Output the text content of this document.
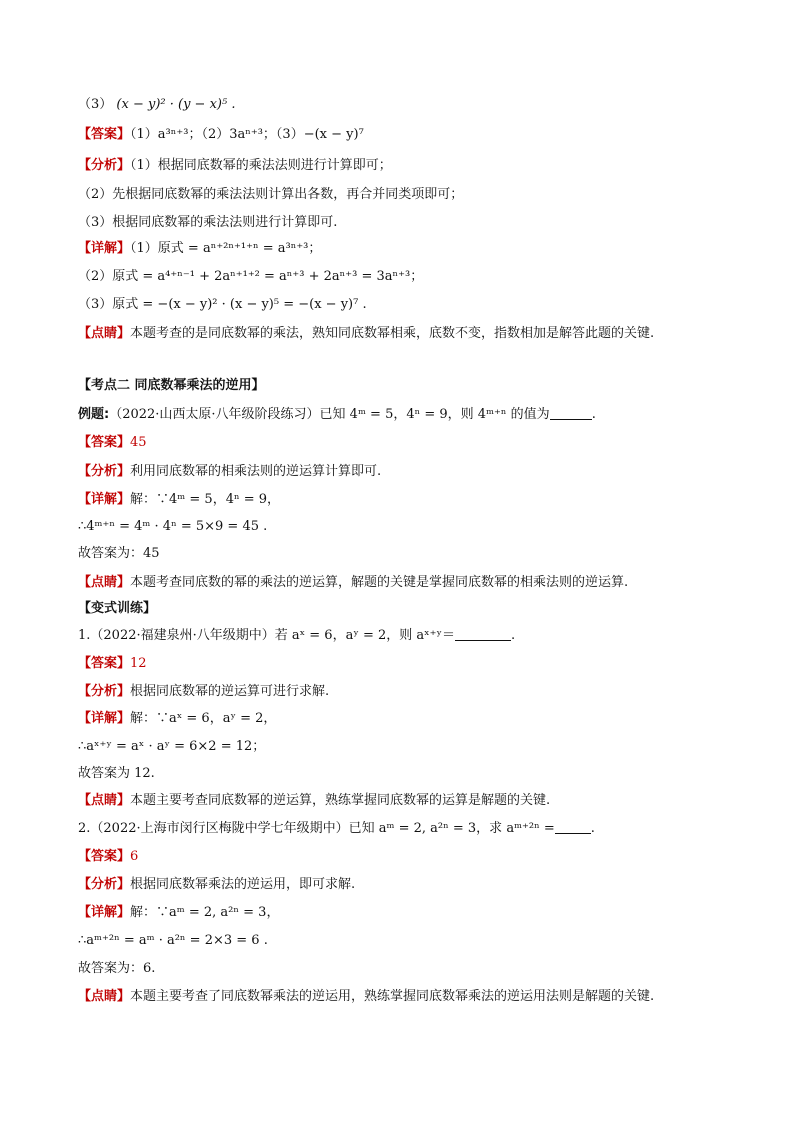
（3） (x − y)² · (y − x)⁵ .
【答案】（1）a³ⁿ⁺³；（2）3aⁿ⁺³；（3）−(x − y)⁷
【分析】（1）根据同底数幂的乘法法则进行计算即可；
（2）先根据同底数幂的乘法法则计算出各数，再合并同类项即可；
（3）根据同底数幂的乘法法则进行计算即可.
【详解】（1）原式 = aⁿ⁺²ⁿ⁺¹⁺ⁿ = a³ⁿ⁺³；
（2）原式 = a⁴⁺ⁿ⁻¹ + 2aⁿ⁺¹⁺² = aⁿ⁺³ + 2aⁿ⁺³ = 3aⁿ⁺³；
（3）原式 = −(x − y)² · (x − y)⁵ = −(x − y)⁷ .
【点睛】本题考查的是同底数幂的乘法，熟知同底数幂相乘，底数不变，指数相加是解答此题的关键.
【考点二 同底数幂乘法的逆用】
例题:（2022·山西太原·八年级阶段练习）已知 4ᵐ = 5，4ⁿ = 9，则 4ᵐ⁺ⁿ 的值为	.
【答案】45
【分析】利用同底数幂的相乘法则的逆运算计算即可.
【详解】解：∵4ᵐ = 5，4ⁿ = 9，
∴4ᵐ⁺ⁿ = 4ᵐ · 4ⁿ = 5×9 = 45 .
故答案为：45
【点睛】本题考查同底数的幂的乘法的逆运算，解题的关键是掌握同底数幂的相乘法则的逆运算.
【变式训练】
1.（2022·福建泉州·八年级期中）若 aˣ = 6，aʸ = 2，则 aˣ⁺ʸ＝	.
【答案】12
【分析】根据同底数幂的逆运算可进行求解.
【详解】解：∵aˣ = 6，aʸ = 2，
∴aˣ⁺ʸ = aˣ · aʸ = 6×2 = 12；
故答案为 12.
【点睛】本题主要考查同底数幂的逆运算，熟练掌握同底数幂的运算是解题的关键.
2.（2022·上海市闵行区梅陇中学七年级期中）已知 aᵐ = 2, a²ⁿ = 3，求 aᵐ⁺²ⁿ =	.
【答案】6
【分析】根据同底数幂乘法的逆运用，即可求解.
【详解】解：∵aᵐ = 2, a²ⁿ = 3，
∴aᵐ⁺²ⁿ = aᵐ · a²ⁿ = 2×3 = 6 .
故答案为：6.
【点睛】本题主要考查了同底数幂乘法的逆运用，熟练掌握同底数幂乘法的逆运用法则是解题的关键.
